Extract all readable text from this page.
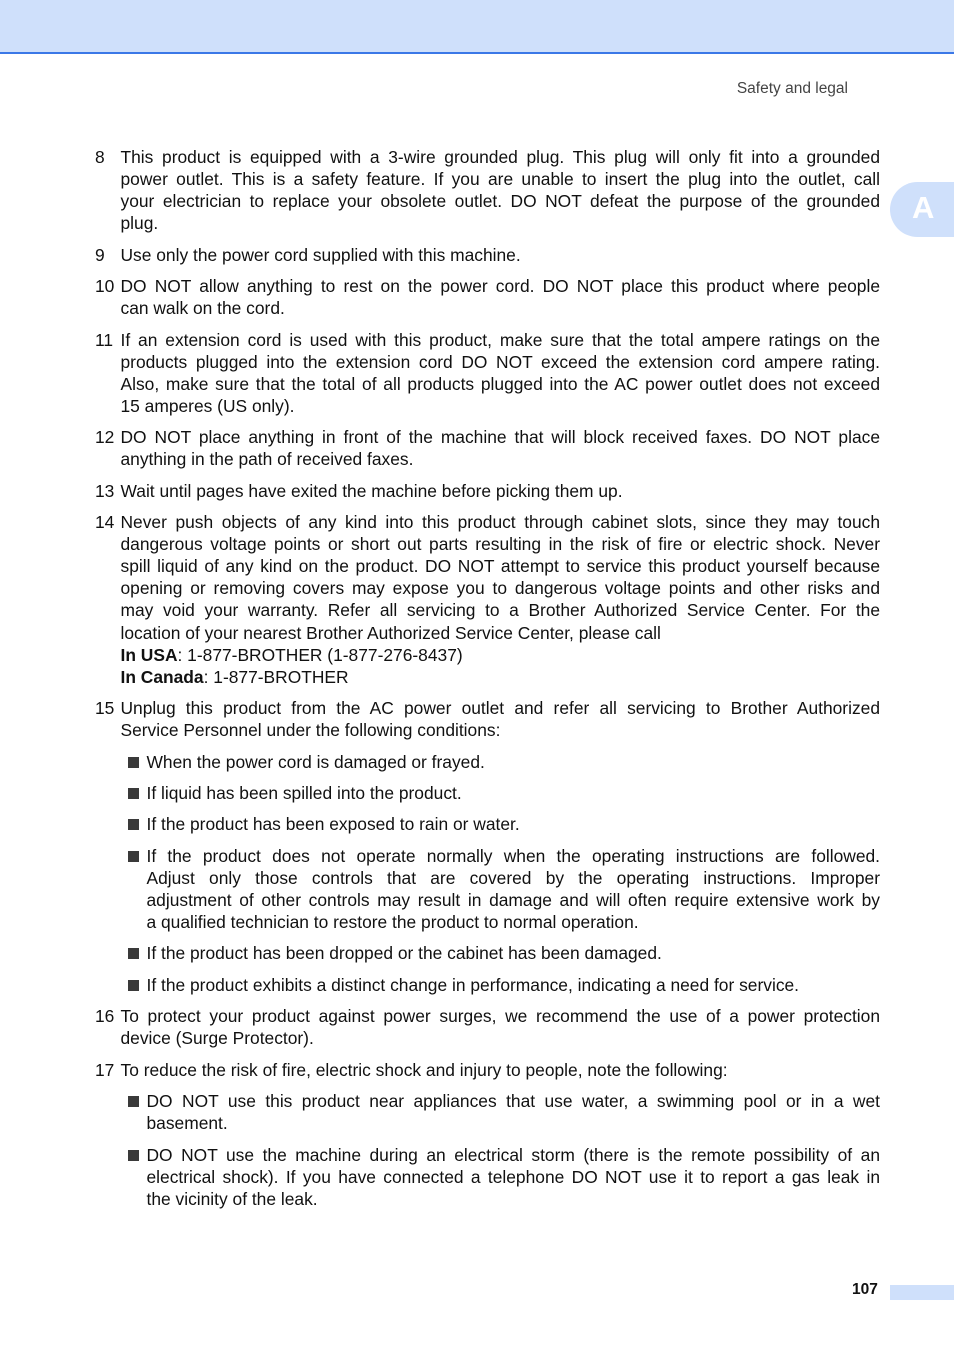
Safety and legal
A
8 This product is equipped with a 3-wire grounded plug. This plug will only fit into a grounded
power outlet. This is a safety feature. If you are unable to insert the plug into the outlet, call
your electrician to replace your obsolete outlet. DO NOT defeat the purpose of the grounded
plug.
9 Use only the power cord supplied with this machine.
10 DO NOT allow anything to rest on the power cord. DO NOT place this product where people
can walk on the cord.
11 If an extension cord is used with this product, make sure that the total ampere ratings on the
products plugged into the extension cord DO NOT exceed the extension cord ampere rating.
Also, make sure that the total of all products plugged into the AC power outlet does not exceed
15 amperes (US only).
12 DO NOT place anything in front of the machine that will block received faxes. DO NOT place
anything in the path of received faxes.
13 Wait until pages have exited the machine before picking them up.
14 Never push objects of any kind into this product through cabinet slots, since they may touch
dangerous voltage points or short out parts resulting in the risk of fire or electric shock. Never
spill liquid of any kind on the product. DO NOT attempt to service this product yourself because
opening or removing covers may expose you to dangerous voltage points and other risks and
may void your warranty. Refer all servicing to a Brother Authorized Service Center. For the
location of your nearest Brother Authorized Service Center, please call
In USA: 1-877-BROTHER (1-877-276-8437)
In Canada: 1-877-BROTHER
15 Unplug this product from the AC power outlet and refer all servicing to Brother Authorized
Service Personnel under the following conditions:
When the power cord is damaged or frayed.
If liquid has been spilled into the product.
If the product has been exposed to rain or water.
If the product does not operate normally when the operating instructions are followed.
Adjust only those controls that are covered by the operating instructions. Improper
adjustment of other controls may result in damage and will often require extensive work by
a qualified technician to restore the product to normal operation.
If the product has been dropped or the cabinet has been damaged.
If the product exhibits a distinct change in performance, indicating a need for service.
16 To protect your product against power surges, we recommend the use of a power protection
device (Surge Protector).
17 To reduce the risk of fire, electric shock and injury to people, note the following:
DO NOT use this product near appliances that use water, a swimming pool or in a wet
basement.
DO NOT use the machine during an electrical storm (there is the remote possibility of an
electrical shock). If you have connected a telephone DO NOT use it to report a gas leak in
the vicinity of the leak.
107
